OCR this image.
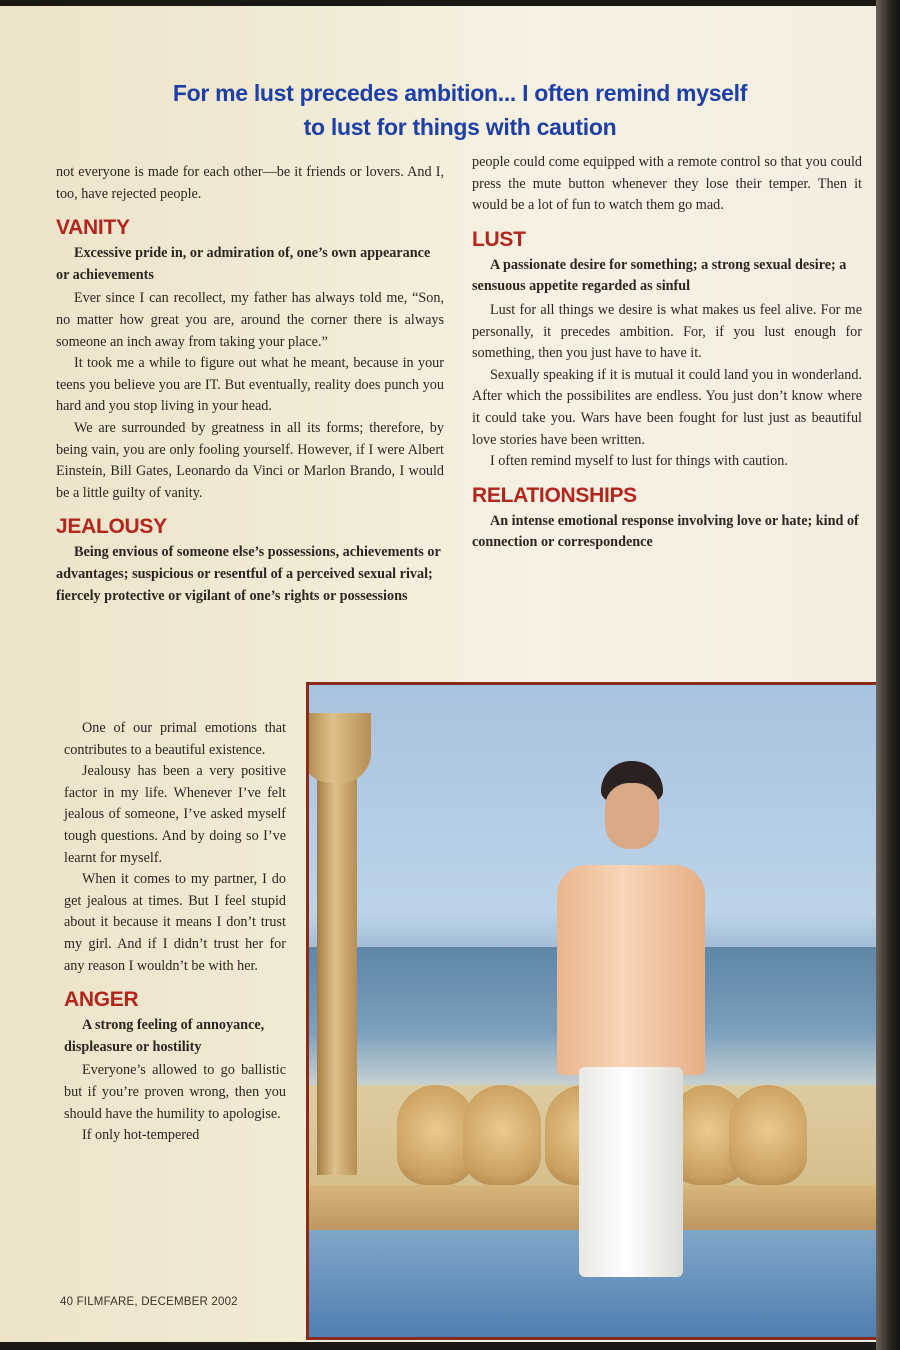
For me lust precedes ambition... I often remind myself
to lust for things with caution

not everyone is made for each other—be it friends or lovers. And I, too, have rejected people.

VANITY

Excessive pride in, or admiration of, one’s own appearance or achievements

Ever since I can recollect, my father has always told me, “Son, no matter how great you are, around the corner there is always someone an inch away from taking your place.”

It took me a while to figure out what he meant, because in your teens you believe you are IT. But eventually, reality does punch you hard and you stop living in your head.

We are surrounded by greatness in all its forms; therefore, by being vain, you are only fooling yourself. However, if I were Albert Einstein, Bill Gates, Leonardo da Vinci or Marlon Brando, I would be a little guilty of vanity.

JEALOUSY

Being envious of someone else’s possessions, achievements or advantages; suspicious or resentful of a perceived sexual rival; fiercely protective or vigilant of one’s rights or possessions

One of our primal emotions that contributes to a beautiful existence.

Jealousy has been a very positive factor in my life. Whenever I’ve felt jealous of someone, I’ve asked myself tough questions. And by doing so I’ve learnt for myself.

When it comes to my partner, I do get jealous at times. But I feel stupid about it because it means I don’t trust my girl. And if I didn’t trust her for any reason I wouldn’t be with her.

ANGER

A strong feeling of annoyance, displeasure or hostility

Everyone’s allowed to go ballistic but if you’re proven wrong, then you should have the humility to apologise.

If only hot-tempered

people could come equipped with a remote control so that you could press the mute button whenever they lose their temper. Then it would be a lot of fun to watch them go mad.

LUST

A passionate desire for something; a strong sexual desire; a sensuous appetite regarded as sinful

Lust for all things we desire is what makes us feel alive. For me personally, it precedes ambition. For, if you lust enough for something, then you just have to have it.

Sexually speaking if it is mutual it could land you in wonderland. After which the possibilites are endless. You just don’t know where it could take you. Wars have been fought for lust just as beautiful love stories have been written.

I often remind myself to lust for things with caution.

RELATIONSHIPS

An intense emotional response involving love or hate; kind of connection or correspondence

40 FILMFARE, DECEMBER 2002
